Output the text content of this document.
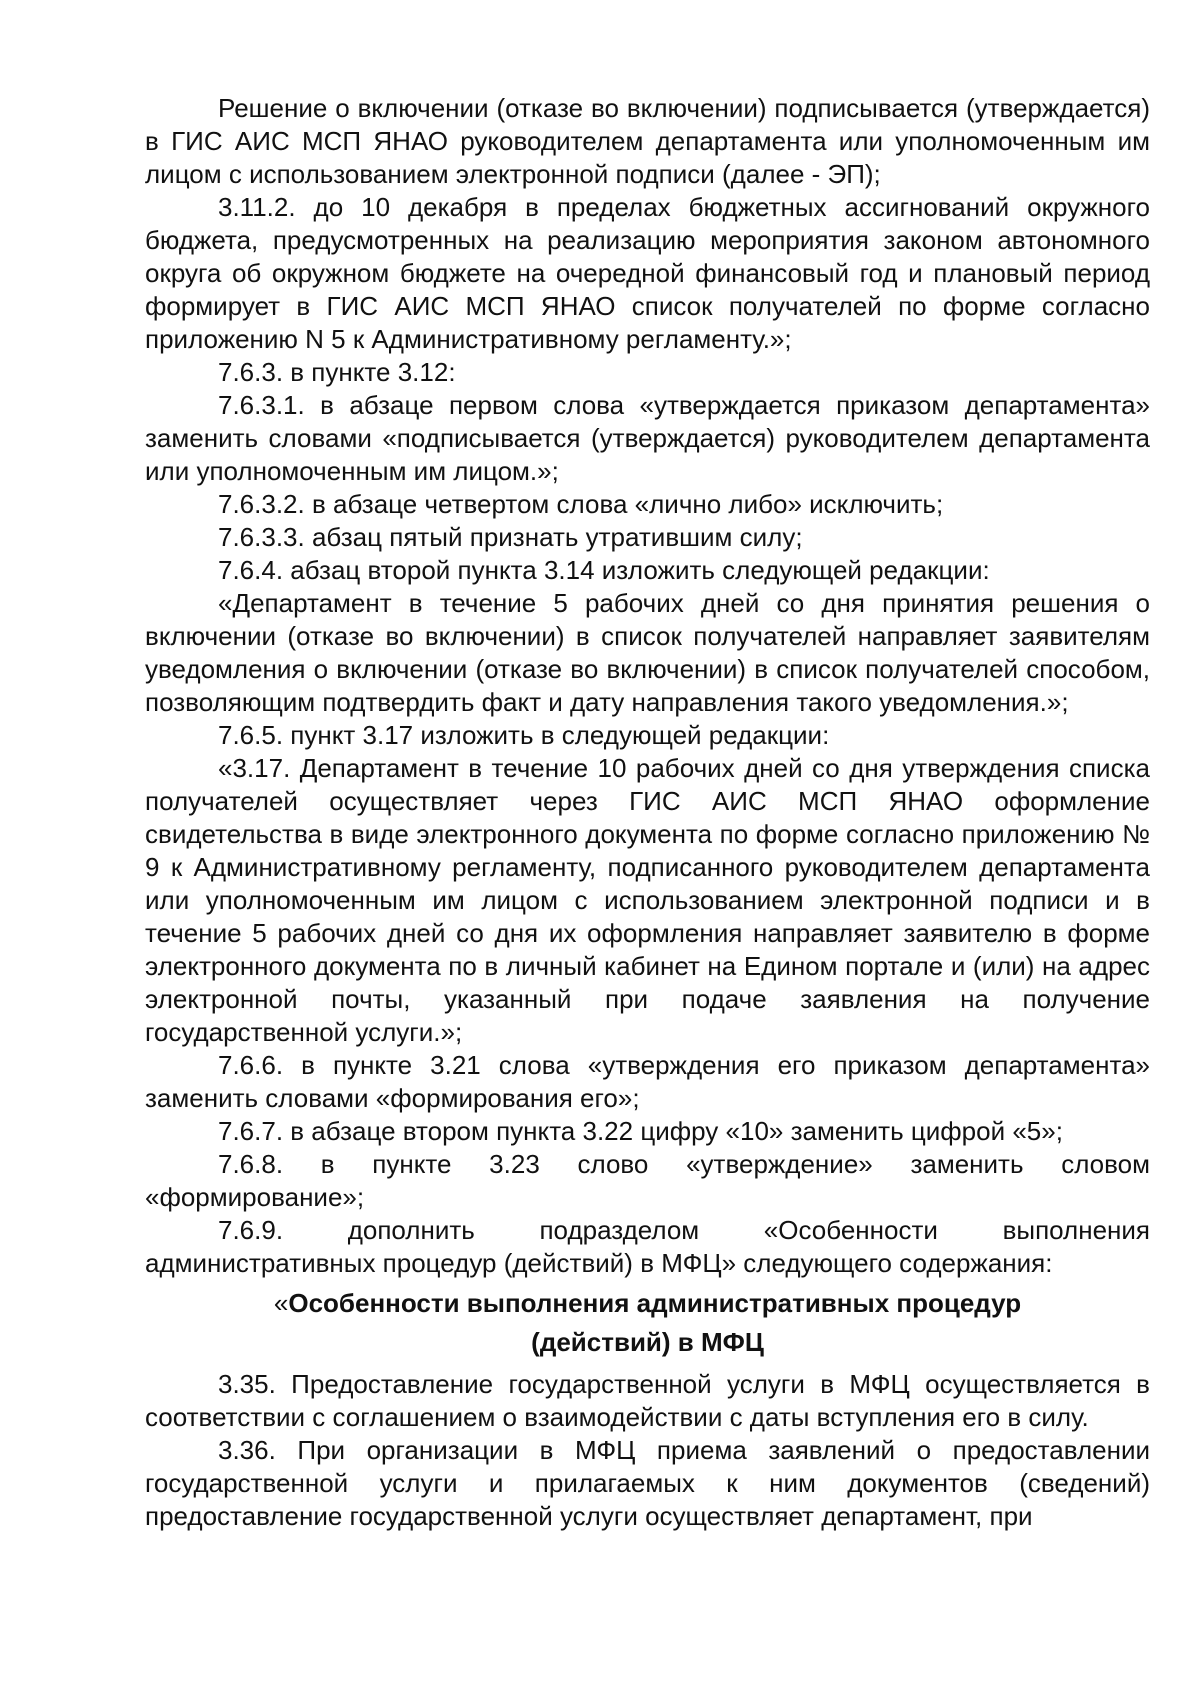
Решение о включении (отказе во включении) подписывается (утверждается) в ГИС АИС МСП ЯНАО руководителем департамента или уполномоченным им лицом с использованием электронной подписи (далее - ЭП);

3.11.2. до 10 декабря в пределах бюджетных ассигнований окружного бюджета, предусмотренных на реализацию мероприятия законом автономного округа об окружном бюджете на очередной финансовый год и плановый период формирует в ГИС АИС МСП ЯНАО список получателей по форме согласно приложению N 5 к Административному регламенту.»;

7.6.3. в пункте 3.12:

7.6.3.1. в абзаце первом слова «утверждается приказом департамента» заменить словами «подписывается (утверждается) руководителем департамента или уполномоченным им лицом.»;

7.6.3.2. в абзаце четвертом слова «лично либо» исключить;

7.6.3.3. абзац пятый признать утратившим силу;

7.6.4. абзац второй пункта 3.14 изложить следующей редакции:

«Департамент в течение 5 рабочих дней со дня принятия решения о включении (отказе во включении) в список получателей направляет заявителям уведомления о включении (отказе во включении) в список получателей способом, позволяющим подтвердить факт и дату направления такого уведомления.»;

7.6.5. пункт 3.17 изложить в следующей редакции:

«3.17. Департамент в течение 10 рабочих дней со дня утверждения списка получателей осуществляет через ГИС АИС МСП ЯНАО оформление свидетельства в виде электронного документа по форме согласно приложению № 9 к Административному регламенту, подписанного руководителем департамента или уполномоченным им лицом с использованием электронной подписи и в течение 5 рабочих дней со дня их оформления направляет заявителю в форме электронного документа по в личный кабинет на Едином портале и (или) на адрес электронной почты, указанный при подаче заявления на получение государственной услуги.»;

7.6.6. в пункте 3.21 слова «утверждения его приказом департамента» заменить словами «формирования его»;

7.6.7. в абзаце втором пункта 3.22 цифру «10» заменить цифрой «5»;

7.6.8. в пункте 3.23 слово «утверждение» заменить словом «формирование»;

7.6.9. дополнить подразделом «Особенности выполнения административных процедур (действий) в МФЦ» следующего содержания:

«Особенности выполнения административных процедур
(действий) в МФЦ

3.35. Предоставление государственной услуги в МФЦ осуществляется в соответствии с соглашением о взаимодействии с даты вступления его в силу.

3.36. При организации в МФЦ приема заявлений о предоставлении государственной услуги и прилагаемых к ним документов (сведений) предоставление государственной услуги осуществляет департамент, при
